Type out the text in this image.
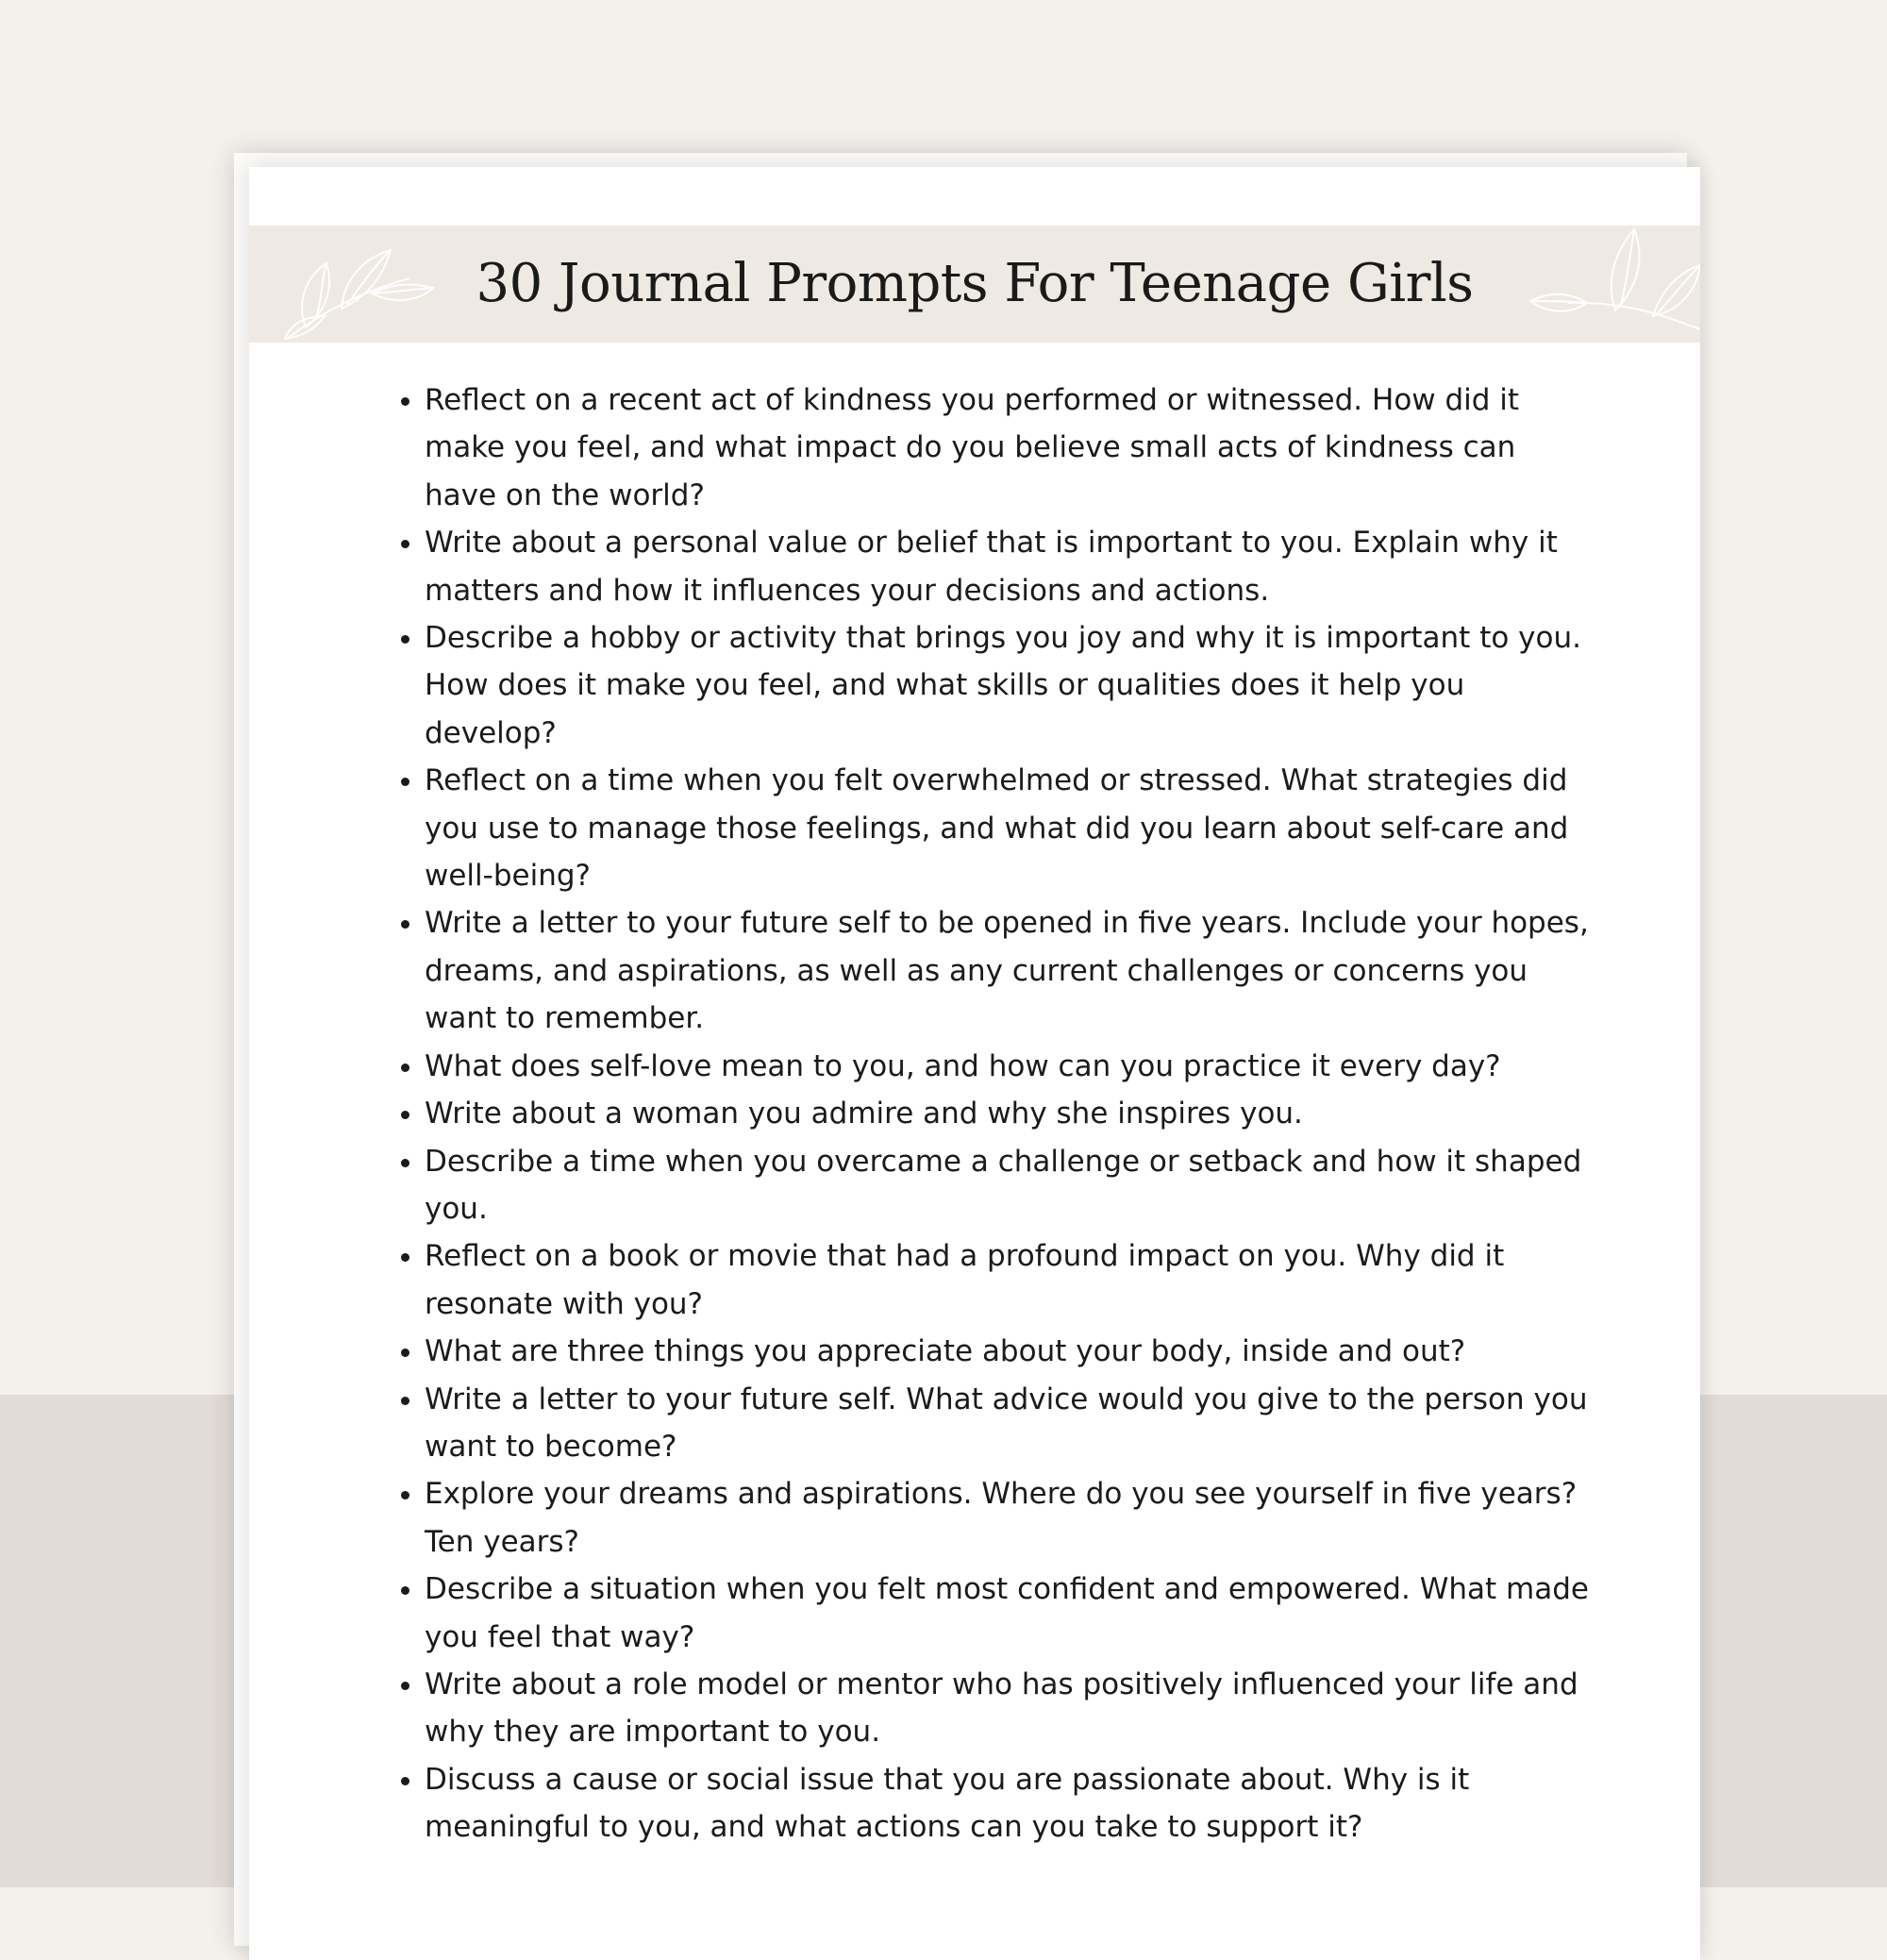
30 Journal Prompts For Teenage Girls
• Reflect on a recent act of kindness you performed or witnessed. How did it make you feel, and what impact do you believe small acts of kindness can have on the world?
• Write about a personal value or belief that is important to you. Explain why it matters and how it influences your decisions and actions.
• Describe a hobby or activity that brings you joy and why it is important to you. How does it make you feel, and what skills or qualities does it help you develop?
• Reflect on a time when you felt overwhelmed or stressed. What strategies did you use to manage those feelings, and what did you learn about self-care and well-being?
• Write a letter to your future self to be opened in five years. Include your hopes, dreams, and aspirations, as well as any current challenges or concerns you want to remember.
• What does self-love mean to you, and how can you practice it every day?
• Write about a woman you admire and why she inspires you.
• Describe a time when you overcame a challenge or setback and how it shaped you.
• Reflect on a book or movie that had a profound impact on you. Why did it resonate with you?
• What are three things you appreciate about your body, inside and out?
• Write a letter to your future self. What advice would you give to the person you want to become?
• Explore your dreams and aspirations. Where do you see yourself in five years? Ten years?
• Describe a situation when you felt most confident and empowered. What made you feel that way?
• Write about a role model or mentor who has positively influenced your life and why they are important to you.
• Discuss a cause or social issue that you are passionate about. Why is it meaningful to you, and what actions can you take to support it?
